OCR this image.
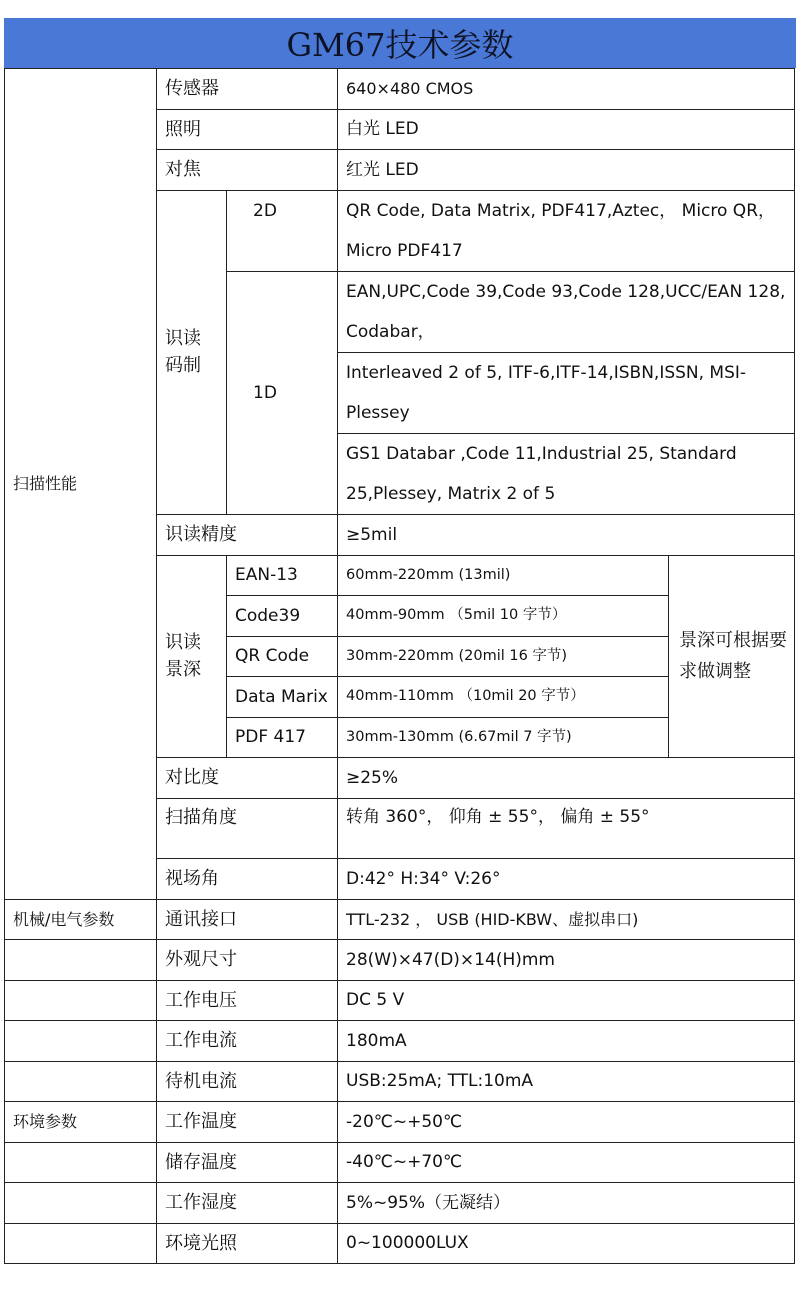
GM67技术参数
扫描性能	传感器		640×480 CMOS	
	照明		白光 LED	
	对焦		红光 LED	

	识读码制	2D	QR Code, Data Matrix, PDF417,Aztec， Micro QR，Micro PDF417	
		1D	EAN,UPC,Code 39,Code 93,Code 128,UCC/EAN 128, Codabar，	
			Interleaved 2 of 5, ITF-6,ITF-14,ISBN,ISSN, MSI-Plessey	
			GS1 Databar ,Code 11,Industrial 25, Standard 25,Plessey, Matrix 2 of 5	
	识读精度		≥5mil	

	识读景深	EAN-13	60mm-220mm (13mil)	景深可根据要求做调整
		Code39	40mm-90mm （5mil 10 字节）	
		QR Code	30mm-220mm (20mil 16 字节)	
		Data Marix	40mm-110mm （10mil 20 字节）	
		PDF 417	30mm-130mm (6.67mil 7 字节)	
	对比度		≥25%	
	扫描角度		转角 360°， 仰角 ± 55°， 偏角 ± 55°	

	视场角		D:42° H:34° V:26°	

机械/电气参数	通讯接口		TTL-232 ， USB (HID-KBW、虚拟串口)	
	外观尺寸		28(W)×47(D)×14(H)mm	
	工作电压		DC 5 V	
	工作电流		180mA	
	待机电流		USB:25mA; TTL:10mA	
环境参数	工作温度		-20℃~+50℃	
	储存温度		-40℃~+70℃	
	工作湿度		5%~95%（无凝结）	
	环境光照		0~100000LUX	
